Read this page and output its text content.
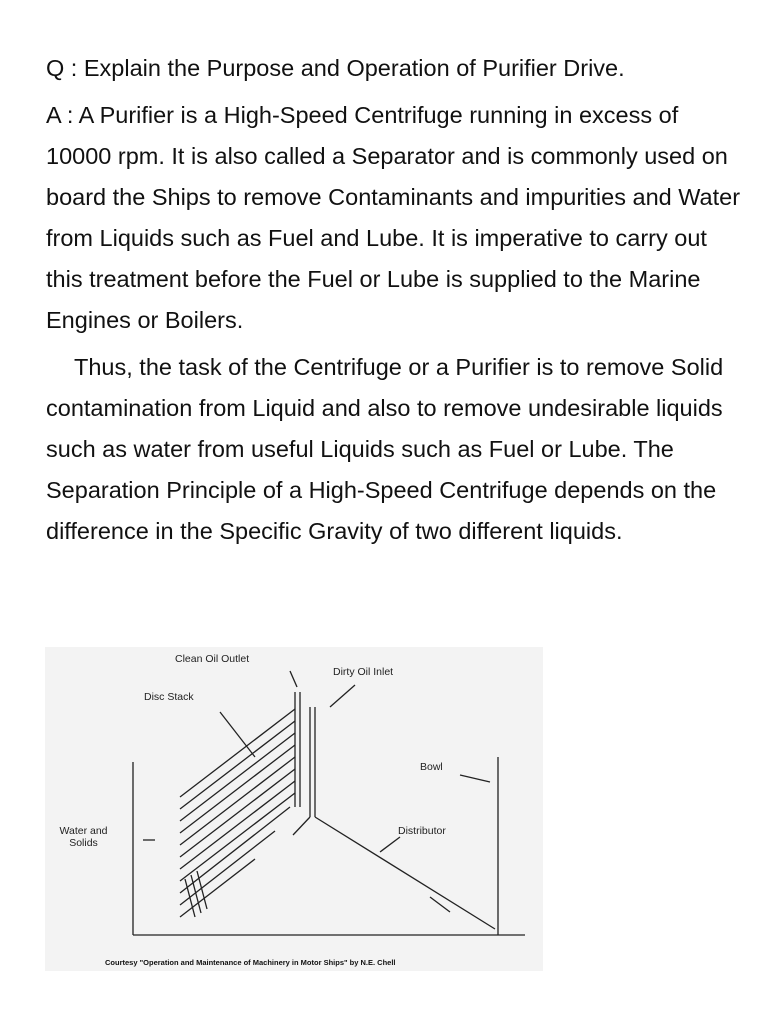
Q : Explain the Purpose and Operation of Purifier Drive.

A : A Purifier is a High-Speed Centrifuge running in excess of 10000 rpm. It is also called a Separator and is commonly used on board the Ships to remove Contaminants and impurities and Water from Liquids such as Fuel and Lube. It is imperative to carry out this treatment before the Fuel or Lube is supplied to the Marine Engines or Boilers.

Thus, the task of the Centrifuge or a Purifier is to remove Solid contamination from Liquid and also to remove undesirable liquids such as water from useful Liquids such as Fuel or Lube. The Separation Principle of a High-Speed Centrifuge depends on the difference in the Specific Gravity of two different liquids.

Clean Oil Outlet
Dirty Oil Inlet
Disc Stack
Bowl
Water and Solids
Distributor
Courtesy "Operation and Maintenance of Machinery in Motor Ships" by N.E. Chell
